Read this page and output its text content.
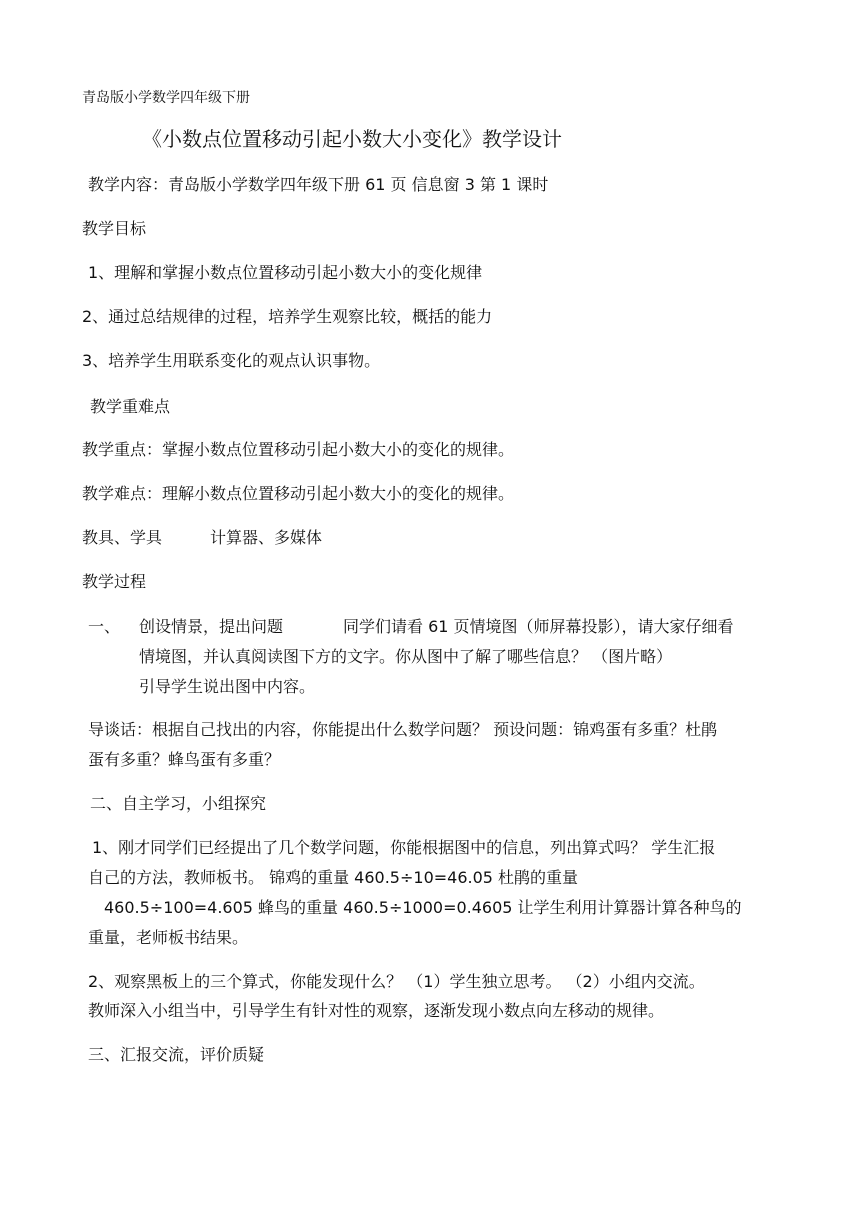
青岛版小学数学四年级下册
《小数点位置移动引起小数大小变化》教学设计
教学内容：青岛版小学数学四年级下册 61 页 信息窗 3 第 1 课时
教学目标
1、理解和掌握小数点位置移动引起小数大小的变化规律
2、通过总结规律的过程，培养学生观察比较，概括的能力
3、培养学生用联系变化的观点认识事物。
教学重难点
教学重点：掌握小数点位置移动引起小数大小的变化的规律。
教学难点：理解小数点位置移动引起小数大小的变化的规律。
教具、学具	计算器、多媒体
教学过程
一、 创设情景，提出问题	同学们请看 61 页情境图（师屏幕投影），请大家仔细看
情境图，并认真阅读图下方的文字。你从图中了解了哪些信息？ （图片略）
引导学生说出图中内容。
导谈话：根据自己找出的内容，你能提出什么数学问题？ 预设问题：锦鸡蛋有多重？杜鹃
蛋有多重？蜂鸟蛋有多重？
二、自主学习，小组探究
1、刚才同学们已经提出了几个数学问题，你能根据图中的信息，列出算式吗？ 学生汇报
自己的方法，教师板书。 锦鸡的重量 460.5÷10=46.05 杜鹃的重量
460.5÷100=4.605 蜂鸟的重量 460.5÷1000=0.4605 让学生利用计算器计算各种鸟的
重量，老师板书结果。
2、观察黑板上的三个算式，你能发现什么？ （1）学生独立思考。 （2）小组内交流。
教师深入小组当中，引导学生有针对性的观察，逐渐发现小数点向左移动的规律。
三、汇报交流，评价质疑
